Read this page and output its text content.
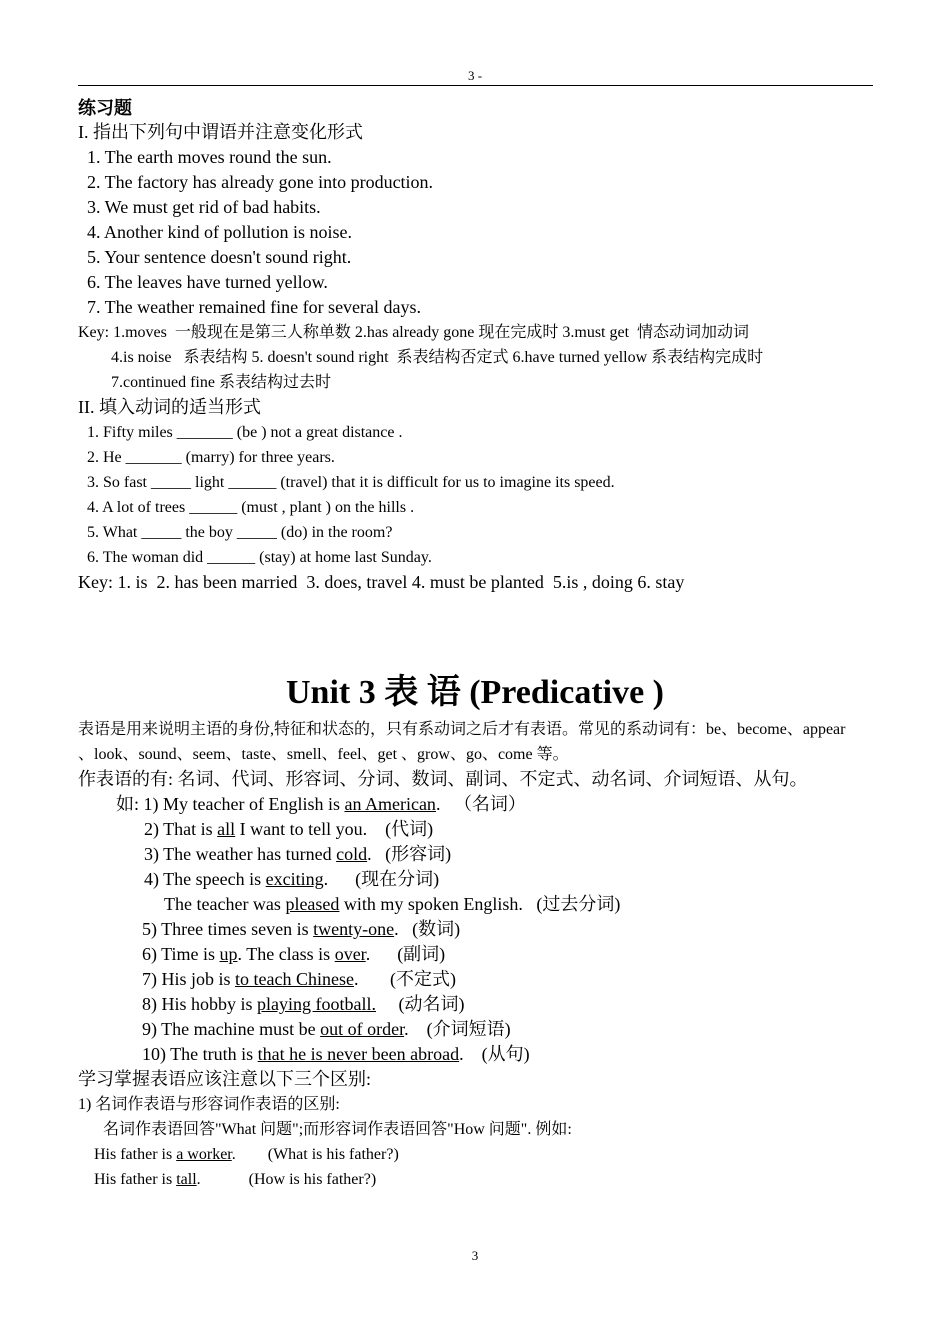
3 -
练习题
I. 指出下列句中谓语并注意变化形式
1. The earth moves round the sun.
2. The factory has already gone into production.
3. We must get rid of bad habits.
4. Another kind of pollution is noise.
5. Your sentence doesn't sound right.
6. The leaves have turned yellow.
7. The weather remained fine for several days.
Key: 1.moves  一般现在是第三人称单数 2.has already gone 现在完成时 3.must get  情态动词加动词
4.is noise   系表结构 5. doesn't sound right  系表结构否定式 6.have turned yellow 系表结构完成时
7.continued fine 系表结构过去时
II. 填入动词的适当形式
1. Fifty miles _______ (be ) not a great distance .
2. He _______ (marry) for three years.
3. So fast _____ light ______ (travel) that it is difficult for us to imagine its speed.
4. A lot of trees ______ (must , plant ) on the hills .
5. What _____ the boy _____ (do) in the room?
6. The woman did ______ (stay) at home last Sunday.
Key: 1. is  2. has been married  3. does, travel 4. must be planted  5.is , doing 6. stay
Unit 3 表 语 (Predicative )
表语是用来说明主语的身份,特征和状态的，只有系动词之后才有表语。常见的系动词有：be、become、appear
、look、sound、seem、taste、smell、feel、get 、grow、go、come 等。
作表语的有: 名词、代词、形容词、分词、数词、副词、不定式、动名词、介词短语、从句。
如: 1) My teacher of English is an American.   （名词）
2) That is all I want to tell you.    (代词)
3) The weather has turned cold.   (形容词)
4) The speech is exciting.      (现在分词)
The teacher was pleased with my spoken English.   (过去分词)
5) Three times seven is twenty-one.   (数词)
6) Time is up. The class is over.      (副词)
7) His job is to teach Chinese.       (不定式)
8) His hobby is playing football.     (动名词)
9) The machine must be out of order.    (介词短语)
10) The truth is that he is never been abroad.    (从句)
学习掌握表语应该注意以下三个区别:
1) 名词作表语与形容词作表语的区别:
名词作表语回答"What 问题";而形容词作表语回答"How 问题". 例如:
His father is a worker.        (What is his father?)
His father is tall.            (How is his father?)
3
